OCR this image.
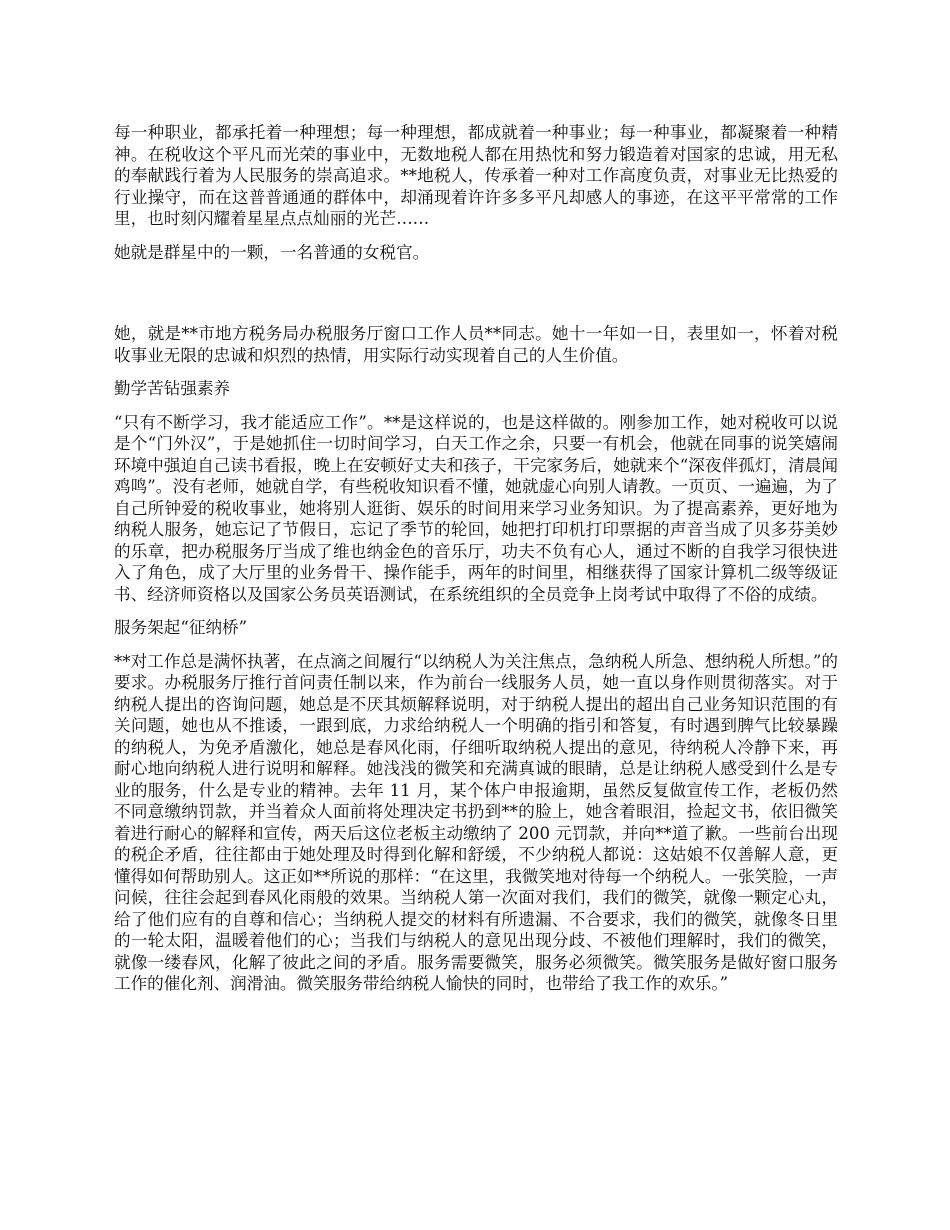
每一种职业，都承托着一种理想；每一种理想，都成就着一种事业；每一种事业，都凝聚着一种精神。在税收这个平凡而光荣的事业中，无数地税人都在用热忱和努力锻造着对国家的忠诚，用无私的奉献践行着为人民服务的崇高追求。**地税人，传承着一种对工作高度负责，对事业无比热爱的行业操守，而在这普普通通的群体中，却涌现着许许多多平凡却感人的事迹，在这平平常常的工作里，也时刻闪耀着星星点点灿丽的光芒……

她就是群星中的一颗，一名普通的女税官。

她，就是**市地方税务局办税服务厅窗口工作人员**同志。她十一年如一日，表里如一，怀着对税收事业无限的忠诚和炽烈的热情，用实际行动实现着自己的人生价值。

勤学苦钻强素养

“只有不断学习，我才能适应工作”。**是这样说的，也是这样做的。刚参加工作，她对税收可以说是个“门外汉”，于是她抓住一切时间学习，白天工作之余，只要一有机会，他就在同事的说笑嬉闹环境中强迫自己读书看报，晚上在安顿好丈夫和孩子，干完家务后，她就来个“深夜伴孤灯，清晨闻鸡鸣”。没有老师，她就自学，有些税收知识看不懂，她就虚心向别人请教。一页页、一遍遍，为了自己所钟爱的税收事业，她将别人逛街、娱乐的时间用来学习业务知识。为了提高素养，更好地为纳税人服务，她忘记了节假日，忘记了季节的轮回，她把打印机打印票据的声音当成了贝多芬美妙的乐章，把办税服务厅当成了维也纳金色的音乐厅，功夫不负有心人，通过不断的自我学习很快进入了角色，成了大厅里的业务骨干、操作能手，两年的时间里，相继获得了国家计算机二级等级证书、经济师资格以及国家公务员英语测试，在系统组织的全员竞争上岗考试中取得了不俗的成绩。

服务架起“征纳桥”

**对工作总是满怀执著，在点滴之间履行“以纳税人为关注焦点，急纳税人所急、想纳税人所想。”的要求。办税服务厅推行首问责任制以来，作为前台一线服务人员，她一直以身作则贯彻落实。对于纳税人提出的咨询问题，她总是不厌其烦解释说明，对于纳税人提出的超出自己业务知识范围的有关问题，她也从不推诿，一跟到底，力求给纳税人一个明确的指引和答复，有时遇到脾气比较暴躁的纳税人，为免矛盾激化，她总是春风化雨，仔细听取纳税人提出的意见，待纳税人冷静下来，再耐心地向纳税人进行说明和解释。她浅浅的微笑和充满真诚的眼睛，总是让纳税人感受到什么是专业的服务，什么是专业的精神。去年 11 月，某个体户申报逾期，虽然反复做宣传工作，老板仍然不同意缴纳罚款，并当着众人面前将处理决定书扔到**的脸上，她含着眼泪，捡起文书，依旧微笑着进行耐心的解释和宣传，两天后这位老板主动缴纳了 200 元罚款，并向**道了歉。一些前台出现的税企矛盾，往往都由于她处理及时得到化解和舒缓，不少纳税人都说：这姑娘不仅善解人意，更懂得如何帮助别人。这正如**所说的那样：“在这里，我微笑地对待每一个纳税人。一张笑脸，一声问候，往往会起到春风化雨般的效果。当纳税人第一次面对我们，我们的微笑，就像一颗定心丸，给了他们应有的自尊和信心；当纳税人提交的材料有所遗漏、不合要求，我们的微笑，就像冬日里的一轮太阳，温暖着他们的心；当我们与纳税人的意见出现分歧、不被他们理解时，我们的微笑，就像一缕春风，化解了彼此之间的矛盾。服务需要微笑，服务必须微笑。微笑服务是做好窗口服务工作的催化剂、润滑油。微笑服务带给纳税人愉快的同时，也带给了我工作的欢乐。”
